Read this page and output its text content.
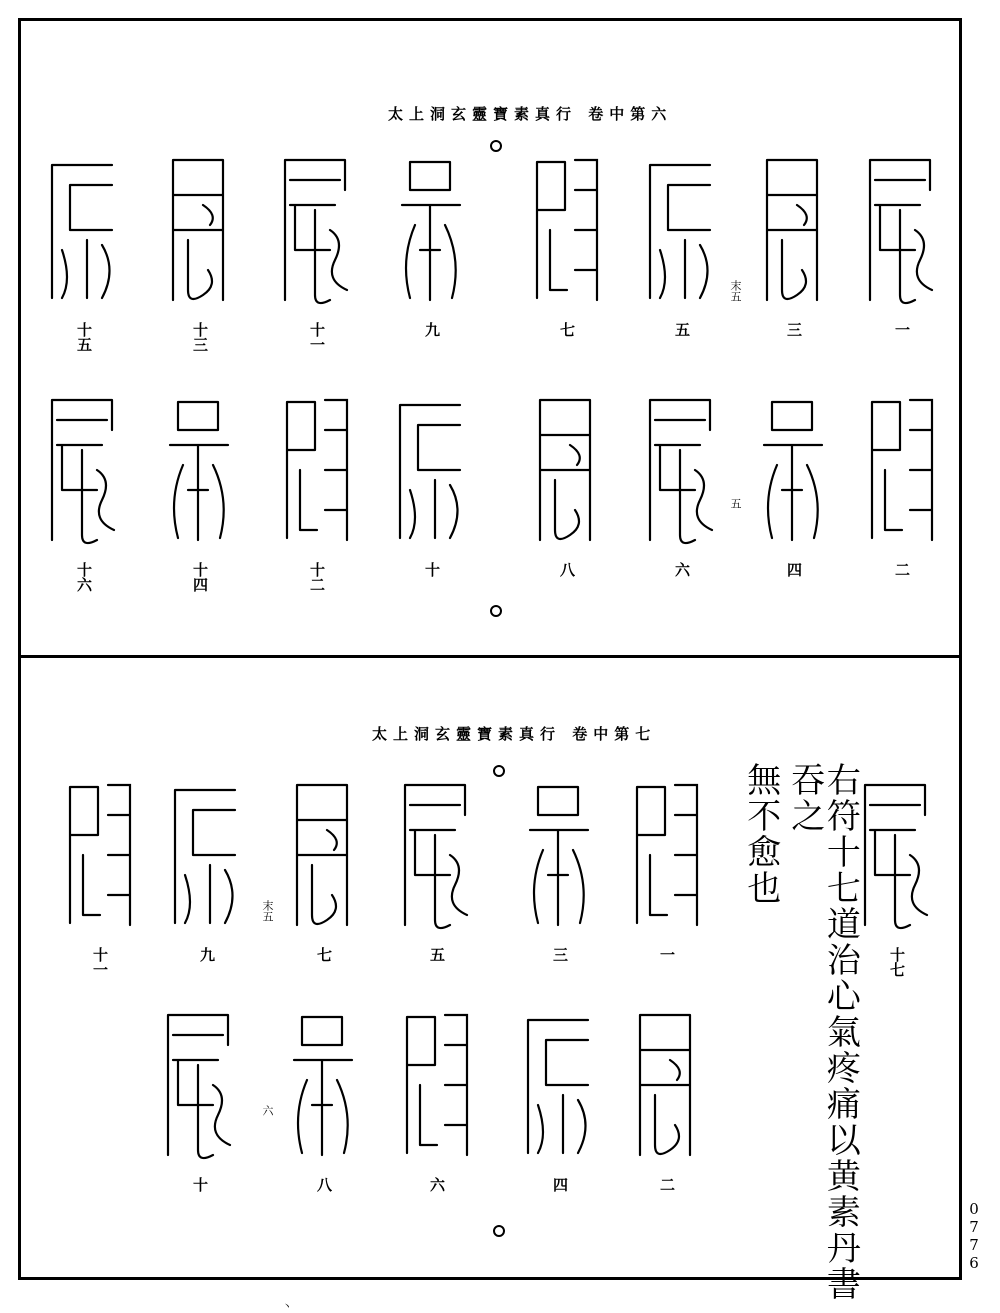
太上洞玄靈寶素真行 卷中第六
一
二
三
四
五
六
七
八
九
十
十一
十二
十三
十四
十五
十六
末五
五
太上洞玄靈寶素真行 卷中第七
十七
一
二
三
四
五
六
七
八
九
十
十一
末五
六	右符十七道治心氣疼痛以黄素丹書吞之
無不愈也
0776
丶
